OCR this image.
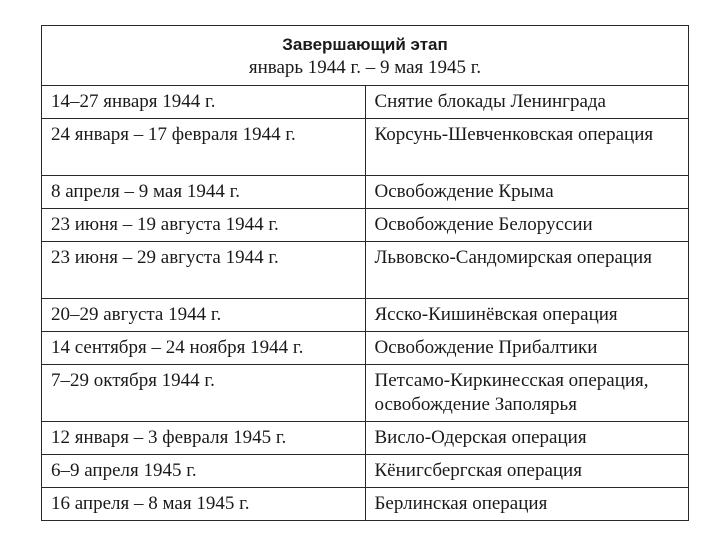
Завершающий этап
январь 1944 г. – 9 мая 1945 г.	

14–27 января 1944 г.	Снятие блокады Ленинграда
24 января – 17 февраля 1944 г.	Корсунь-Шевченковская операция
8 апреля – 9 мая 1944 г.	Освобождение Крыма
23 июня – 19 августа 1944 г.	Освобождение Белоруссии
23 июня – 29 августа 1944 г.	Львовско-Сандомирская операция
20–29 августа 1944 г.	Ясско-Кишинёвская операция
14 сентября – 24 ноября 1944 г.	Освобождение Прибалтики
7–29 октября 1944 г.	Петсамо-Киркинесская операция, освобождение Заполярья
12 января – 3 февраля 1945 г.	Висло-Одерская операция
6–9 апреля 1945 г.	Кёнигсбергская операция
16 апреля – 8 мая 1945 г.	Берлинская операция
